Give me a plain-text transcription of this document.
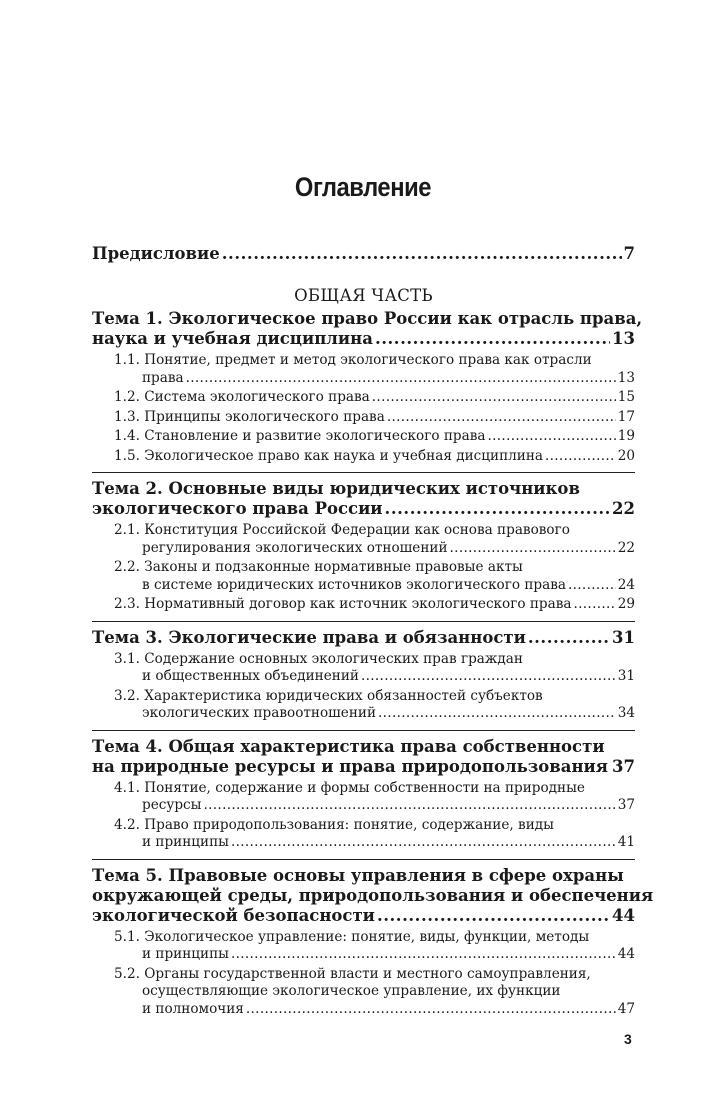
Оглавление
Предисловие . . .	7
ОБЩАЯ ЧАСТЬ
Тема 1. Экологическое право России как отрасль права,
наука и учебная дисциплина . . .	13
1.1. Понятие, предмет и метод экологического права как отрасли
права . . .	13
1.2. Система экологического права . . .	15
1.3. Принципы экологического права . . .	17
1.4. Становление и развитие экологического права . . .	19
1.5. Экологическое право как наука и учебная дисциплина . . .	20
Тема 2. Основные виды юридических источников
экологического права России . . .	22
2.1. Конституция Российской Федерации как основа правового
регулирования экологических отношений . . .	22
2.2. Законы и подзаконные нормативные правовые акты
в системе юридических источников экологического права . . .	24
2.3. Нормативный договор как источник экологического права . . .	29
Тема 3. Экологические права и обязанности . . .	31
3.1. Содержание основных экологических прав граждан
и общественных объединений . . .	31
3.2. Характеристика юридических обязанностей субъектов
экологических правоотношений . . .	34
Тема 4. Общая характеристика права собственности
на природные ресурсы и права природопользования . . . 37
4.1. Понятие, содержание и формы собственности на природные
ресурсы . . .	37
4.2. Право природопользования: понятие, содержание, виды
и принципы . . .	41
Тема 5. Правовые основы управления в сфере охраны
окружающей среды, природопользования и обеспечения
экологической безопасности . . .	44
5.1. Экологическое управление: понятие, виды, функции, методы
и принципы . . .	44
5.2. Органы государственной власти и местного самоуправления,
осуществляющие экологическое управление, их функции
и полномочия . . .	47
3
